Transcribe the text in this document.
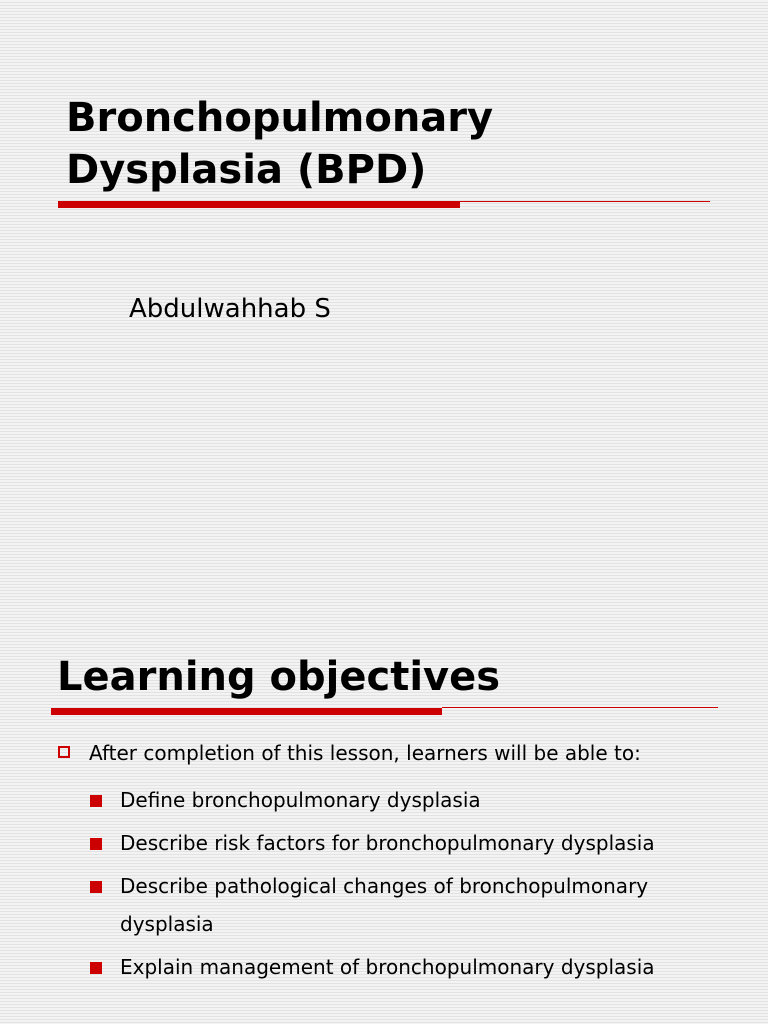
Bronchopulmonary Dysplasia (BPD)

Abdulwahhab S

Learning objectives
After completion of this lesson, learners will be able to:
Define bronchopulmonary dysplasia
Describe risk factors for bronchopulmonary dysplasia
Describe pathological changes of bronchopulmonary dysplasia
Explain management of bronchopulmonary dysplasia
